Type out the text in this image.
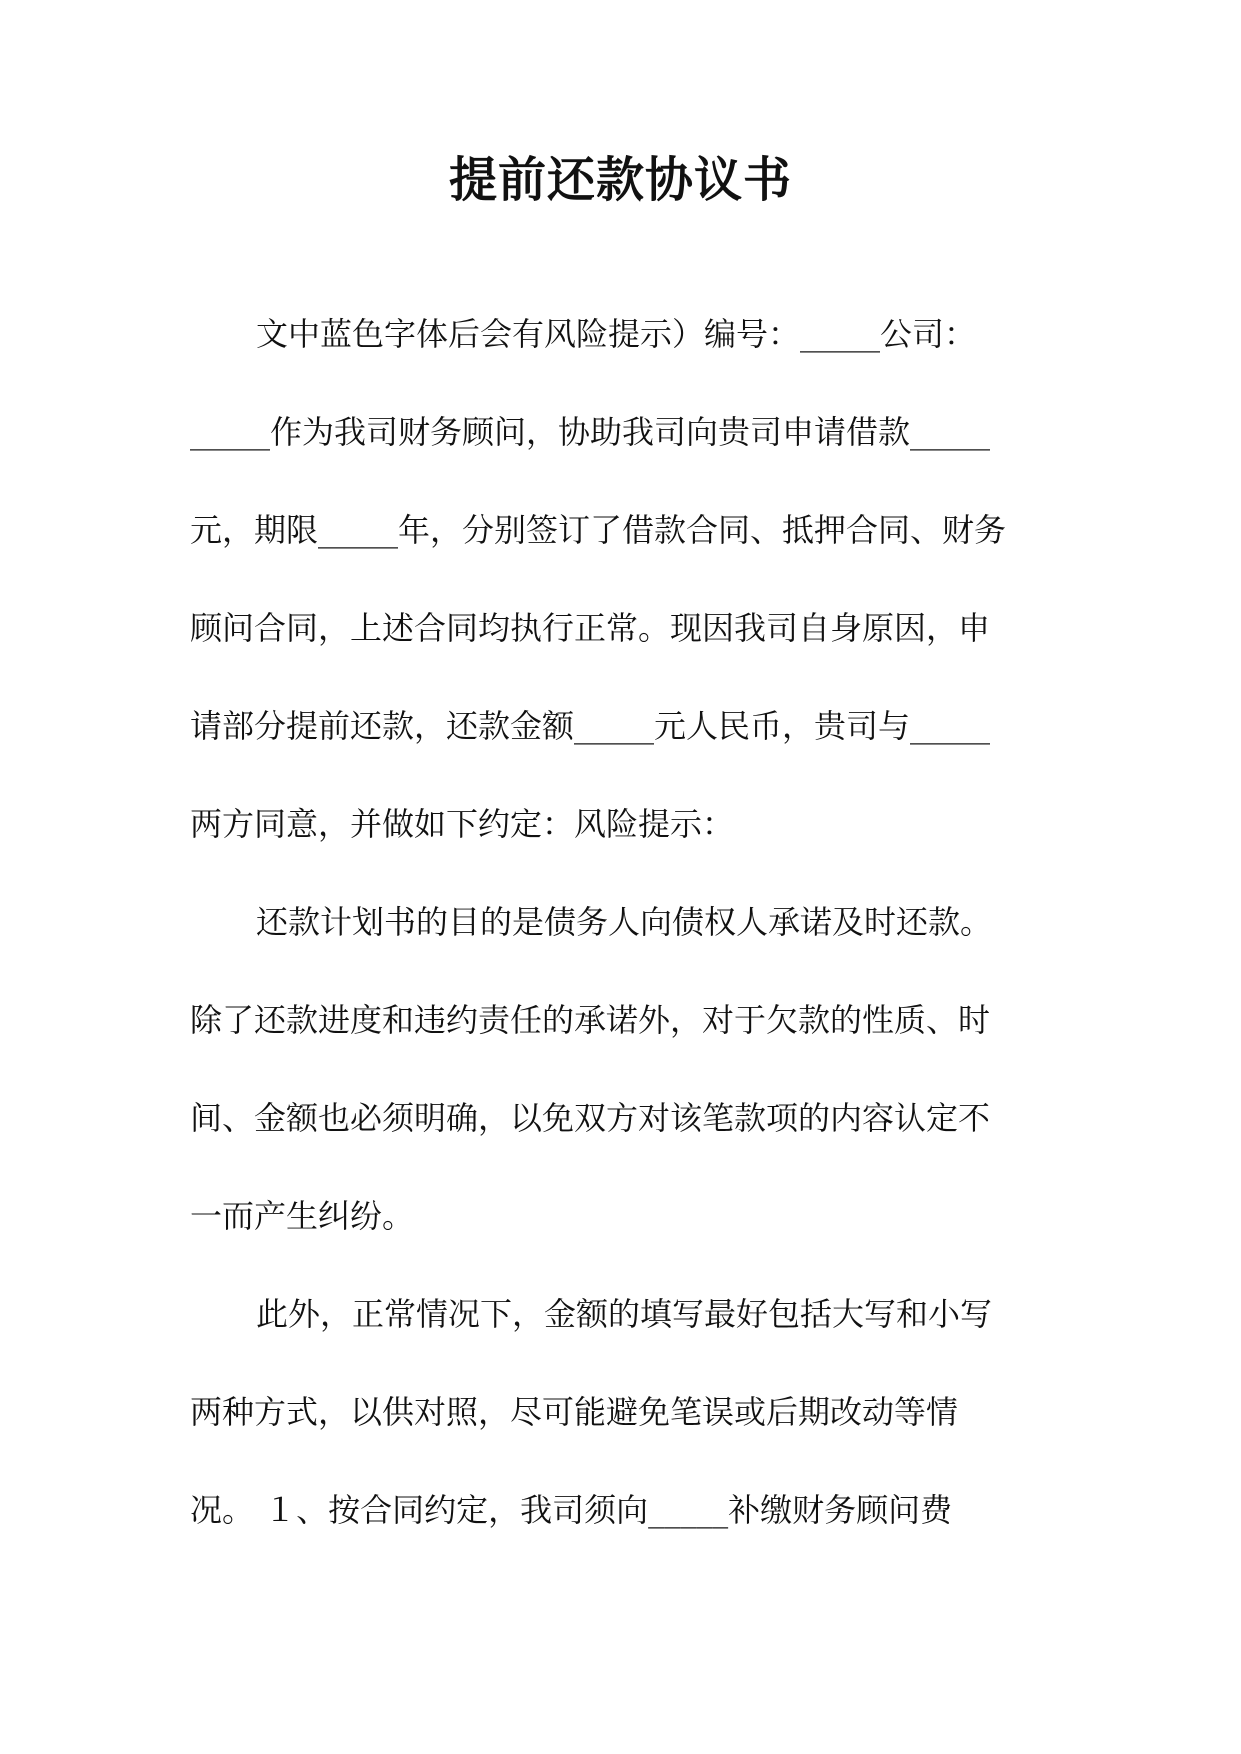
提前还款协议书

文中蓝色字体后会有风险提示）编号：_____公司：

_____作为我司财务顾问，协助我司向贵司申请借款_____

元，期限_____年，分别签订了借款合同、抵押合同、财务

顾问合同，上述合同均执行正常。现因我司自身原因，申

请部分提前还款，还款金额_____元人民币，贵司与_____

两方同意，并做如下约定：风险提示：

还款计划书的目的是债务人向债权人承诺及时还款。

除了还款进度和违约责任的承诺外，对于欠款的性质、时

间、金额也必须明确，以免双方对该笔款项的内容认定不

一而产生纠纷。

此外，正常情况下，金额的填写最好包括大写和小写

两种方式，以供对照，尽可能避免笔误或后期改动等情

况。 １、按合同约定，我司须向_____补缴财务顾问费
